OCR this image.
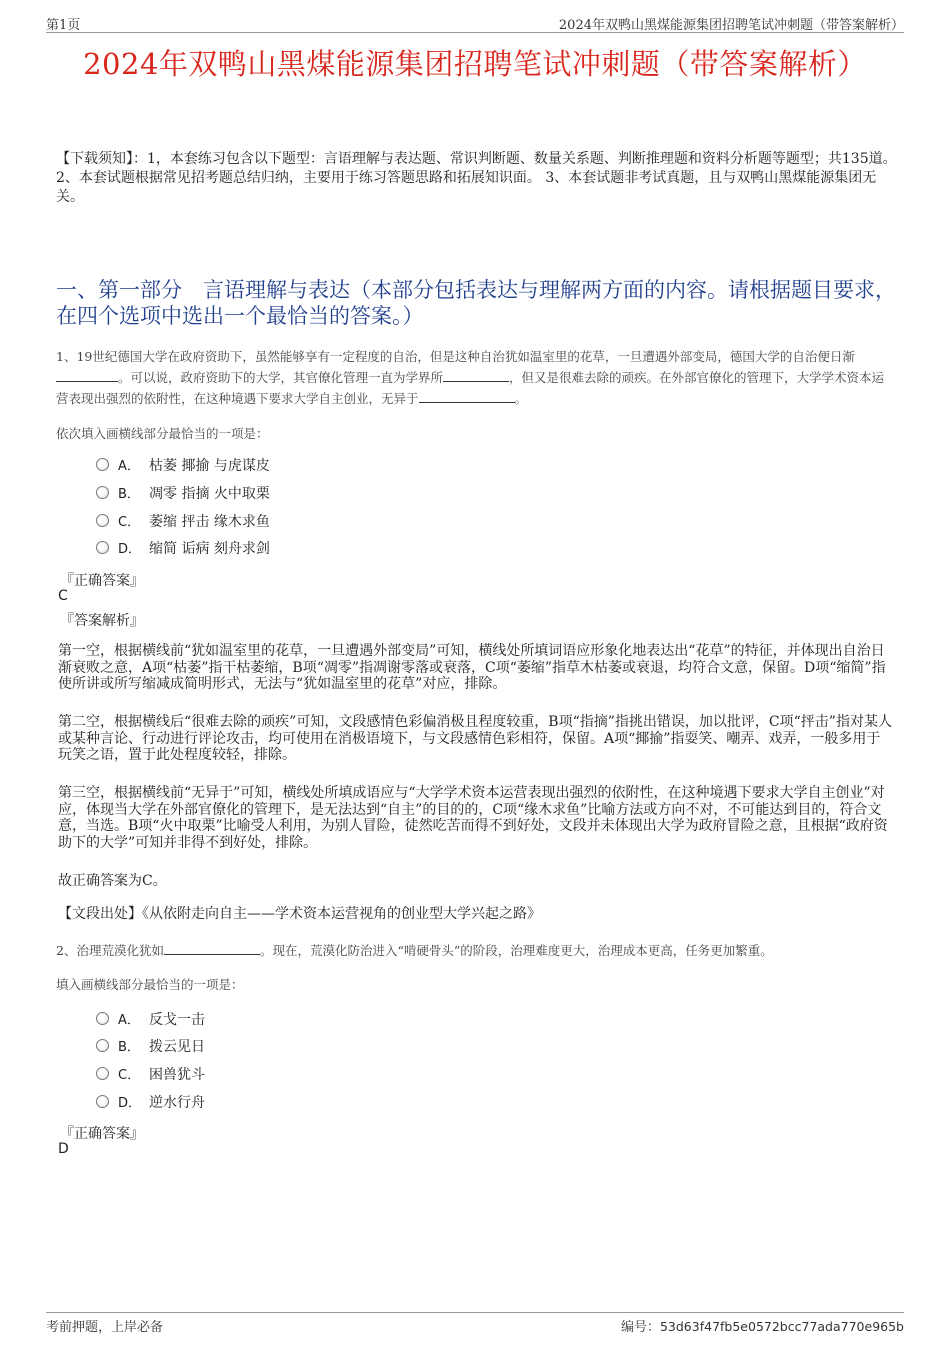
第1页	2024年双鸭山黑煤能源集团招聘笔试冲刺题（带答案解析）
2024年双鸭山黑煤能源集团招聘笔试冲刺题（带答案解析）
【下载须知】：1，本套练习包含以下题型：言语理解与表达题、常识判断题、数量关系题、判断推理题和资料分析题等题型；共135道。 2、本套试题根据常见招考题总结归纳，主要用于练习答题思路和拓展知识面。 3、本套试题非考试真题，且与双鸭山黑煤能源集团无关。
一、第一部分　言语理解与表达（本部分包括表达与理解两方面的内容。请根据题目要求，在四个选项中选出一个最恰当的答案。）
1、19世纪德国大学在政府资助下，虽然能够享有一定程度的自治，但是这种自治犹如温室里的花草，一旦遭遇外部变局，德国大学的自治便日渐。可以说，政府资助下的大学，其官僚化管理一直为学界所	，但又是很难去除的顽疾。在外部官僚化的管理下，大学学术资本运营表现出强烈的依附性，在这种境遇下要求大学自主创业，无异于	。
依次填入画横线部分最恰当的一项是：
A． 枯萎 揶揄 与虎谋皮
B． 凋零 指摘 火中取栗
C． 萎缩 抨击 缘木求鱼
D． 缩简 诟病 刻舟求剑
『正确答案』
C
『答案解析』
第一空，根据横线前“犹如温室里的花草，一旦遭遇外部变局”可知，横线处所填词语应形象化地表达出“花草”的特征，并体现出自治日渐衰败之意，A项“枯萎”指干枯萎缩，B项“凋零”指凋谢零落或衰落，C项“萎缩”指草木枯萎或衰退，均符合文意，保留。D项“缩简”指使所讲或所写缩减成简明形式，无法与“犹如温室里的花草”对应，排除。
第二空，根据横线后“很难去除的顽疾”可知，文段感情色彩偏消极且程度较重，B项“指摘”指挑出错误，加以批评，C项“抨击”指对某人或某种言论、行动进行评论攻击，均可使用在消极语境下，与文段感情色彩相符，保留。A项“揶揄”指耍笑、嘲弄、戏弄，一般多用于玩笑之语，置于此处程度较轻，排除。
第三空，根据横线前“无异于”可知，横线处所填成语应与“大学学术资本运营表现出强烈的依附性，在这种境遇下要求大学自主创业”对应，体现当大学在外部官僚化的管理下，是无法达到“自主”的目的的，C项“缘木求鱼”比喻方法或方向不对，不可能达到目的，符合文意，当选。B项“火中取栗”比喻受人利用，为别人冒险，徒然吃苦而得不到好处，文段并未体现出大学为政府冒险之意，且根据“政府资助下的大学”可知并非得不到好处，排除。
故正确答案为C。
【文段出处】《从依附走向自主——学术资本运营视角的创业型大学兴起之路》
2、治理荒漠化犹如	。现在，荒漠化防治进入“啃硬骨头”的阶段，治理难度更大，治理成本更高，任务更加繁重。
填入画横线部分最恰当的一项是：
A． 反戈一击
B． 拨云见日
C． 困兽犹斗
D． 逆水行舟
『正确答案』
D
考前押题，上岸必备	编号：53d63f47fb5e0572bcc77ada770e965b
